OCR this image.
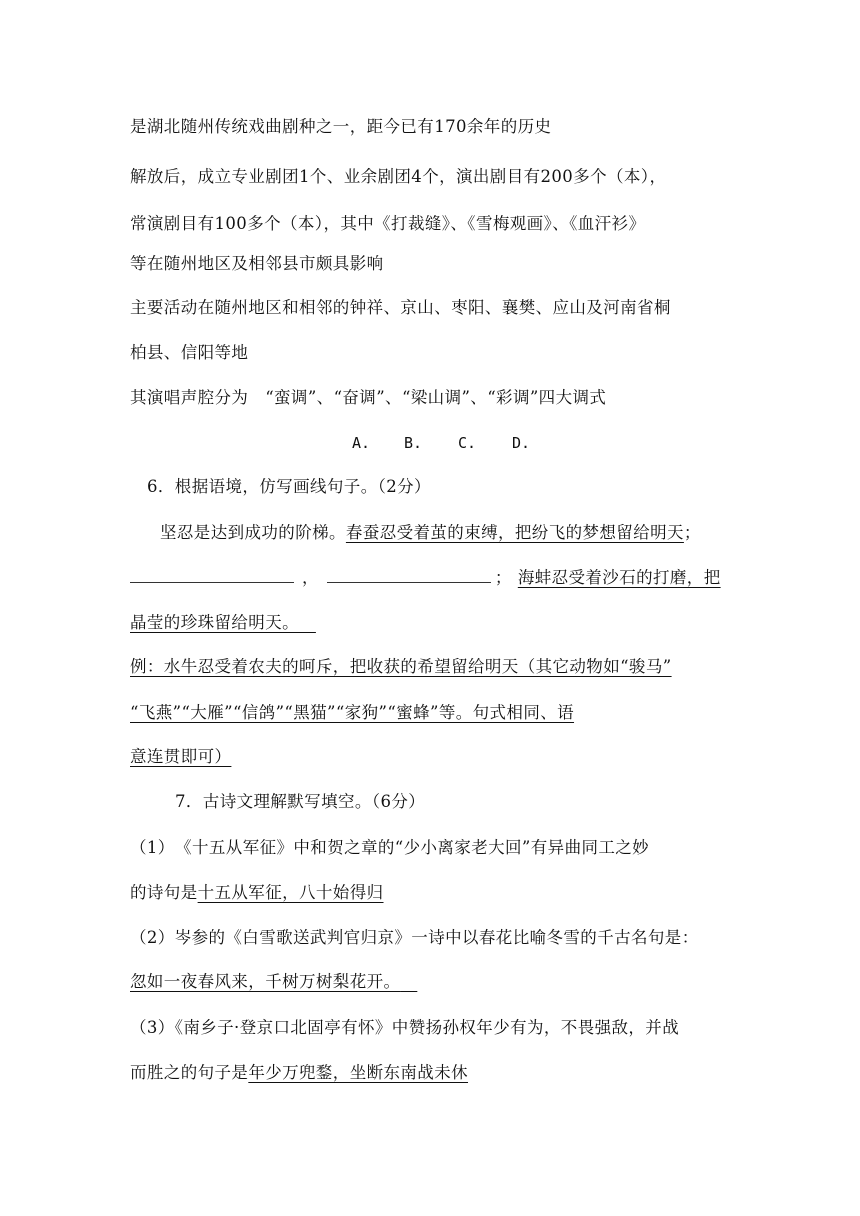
是湖北随州传统戏曲剧种之一，距今已有170余年的历史
解放后，成立专业剧团1个、业余剧团4个，演出剧目有200多个（本），
常演剧目有100多个（本），其中《打裁缝》、《雪梅观画》、《血汗衫》
等在随州地区及相邻县市颇具影响
主要活动在随州地区和相邻的钟祥、京山、枣阳、襄樊、应山及河南省桐
柏县、信阳等地
其演唱声腔分为　“蛮调”、“奋调”、“梁山调”、“彩调”四大调式
A. B. C. D.
6．根据语境，仿写画线句子。（2分）
坚忍是达到成功的阶梯。春蚕忍受着茧的束缚，把纷飞的梦想留给明天；
，	； 海蚌忍受着沙石的打磨，把
晶莹的珍珠留给明天。 
例：水牛忍受着农夫的呵斥，把收获的希望留给明天（其它动物如“骏马”
“飞燕”“大雁”“信鸽”“黑猫”“家狗”“蜜蜂”等。句式相同、语
意连贯即可）
7．古诗文理解默写填空。（6分）
（1）　《十五从军征》中和贺之章的“少小离家老大回”有异曲同工之妙
的诗句是十五从军征，八十始得归
（2）岑参的《白雪歌送武判官归京》一诗中以春花比喻冬雪的千古名句是：
忽如一夜春风来，千树万树梨花开。 
（3）《南乡子·登京口北固亭有怀》中赞扬孙权年少有为，不畏强敌，并战
而胜之的句子是年少万兜鍪，坐断东南战未休
